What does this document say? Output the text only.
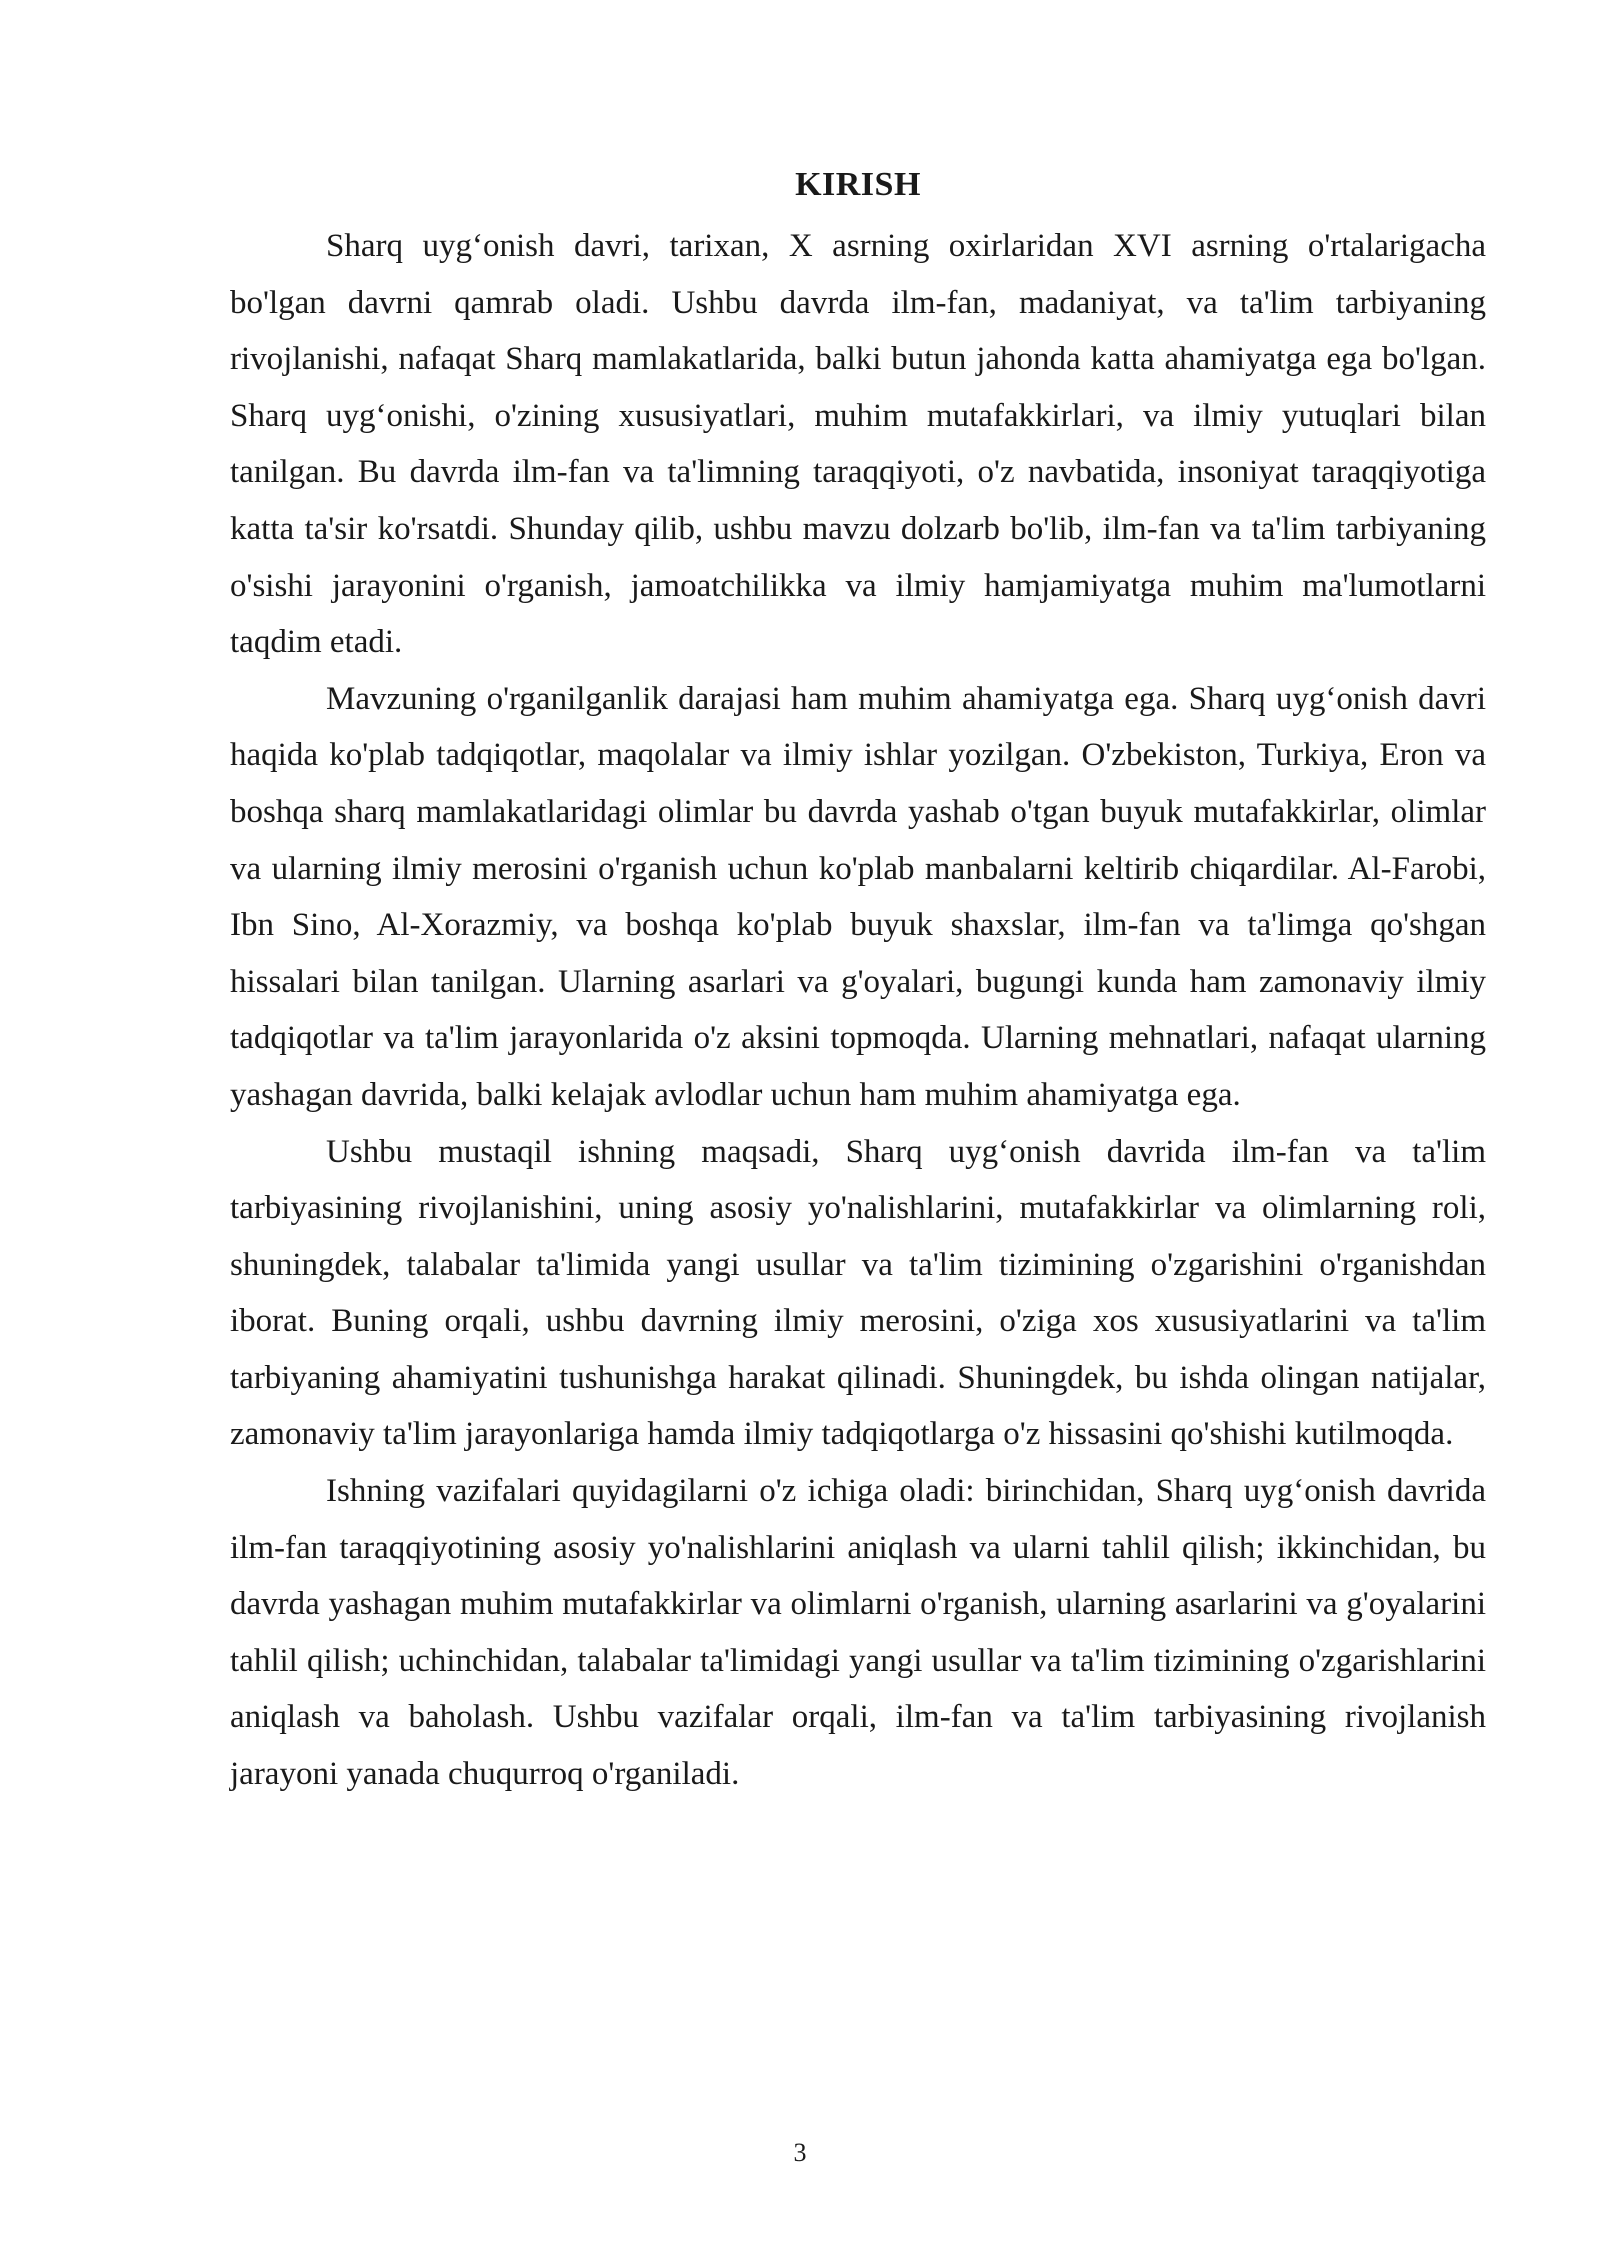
KIRISH

Sharq uyg‘onish davri, tarixan, X asrning oxirlaridan XVI asrning o'rtalarigacha bo'lgan davrni qamrab oladi. Ushbu davrda ilm-fan, madaniyat, va ta'lim tarbiyaning rivojlanishi, nafaqat Sharq mamlakatlarida, balki butun jahonda katta ahamiyatga ega bo'lgan. Sharq uyg‘onishi, o'zining xususiyatlari, muhim mutafakkirlari, va ilmiy yutuqlari bilan tanilgan. Bu davrda ilm-fan va ta'limning taraqqiyoti, o'z navbatida, insoniyat taraqqiyotiga katta ta'sir ko'rsatdi. Shunday qilib, ushbu mavzu dolzarb bo'lib, ilm-fan va ta'lim tarbiyaning o'sishi jarayonini o'rganish, jamoatchilikka va ilmiy hamjamiyatga muhim ma'lumotlarni taqdim etadi.

Mavzuning o'rganilganlik darajasi ham muhim ahamiyatga ega. Sharq uyg‘onish davri haqida ko'plab tadqiqotlar, maqolalar va ilmiy ishlar yozilgan. O'zbekiston, Turkiya, Eron va boshqa sharq mamlakatlaridagi olimlar bu davrda yashab o'tgan buyuk mutafakkirlar, olimlar va ularning ilmiy merosini o'rganish uchun ko'plab manbalarni keltirib chiqardilar. Al-Farobi, Ibn Sino, Al-Xorazmiy, va boshqa ko'plab buyuk shaxslar, ilm-fan va ta'limga qo'shgan hissalari bilan tanilgan. Ularning asarlari va g'oyalari, bugungi kunda ham zamonaviy ilmiy tadqiqotlar va ta'lim jarayonlarida o'z aksini topmoqda. Ularning mehnatlari, nafaqat ularning yashagan davrida, balki kelajak avlodlar uchun ham muhim ahamiyatga ega.

Ushbu mustaqil ishning maqsadi, Sharq uyg‘onish davrida ilm-fan va ta'lim tarbiyasining rivojlanishini, uning asosiy yo'nalishlarini, mutafakkirlar va olimlarning roli, shuningdek, talabalar ta'limida yangi usullar va ta'lim tizimining o'zgarishini o'rganishdan iborat. Buning orqali, ushbu davrning ilmiy merosini, o'ziga xos xususiyatlarini va ta'lim tarbiyaning ahamiyatini tushunishga harakat qilinadi. Shuningdek, bu ishda olingan natijalar, zamonaviy ta'lim jarayonlariga hamda ilmiy tadqiqotlarga o'z hissasini qo'shishi kutilmoqda.

Ishning vazifalari quyidagilarni o'z ichiga oladi: birinchidan, Sharq uyg‘onish davrida ilm-fan taraqqiyotining asosiy yo'nalishlarini aniqlash va ularni tahlil qilish; ikkinchidan, bu davrda yashagan muhim mutafakkirlar va olimlarni o'rganish, ularning asarlarini va g'oyalarini tahlil qilish; uchinchidan, talabalar ta'limidagi yangi usullar va ta'lim tizimining o'zgarishlarini aniqlash va baholash. Ushbu vazifalar orqali, ilm-fan va ta'lim tarbiyasining rivojlanish jarayoni yanada chuqurroq o'rganiladi.

3
